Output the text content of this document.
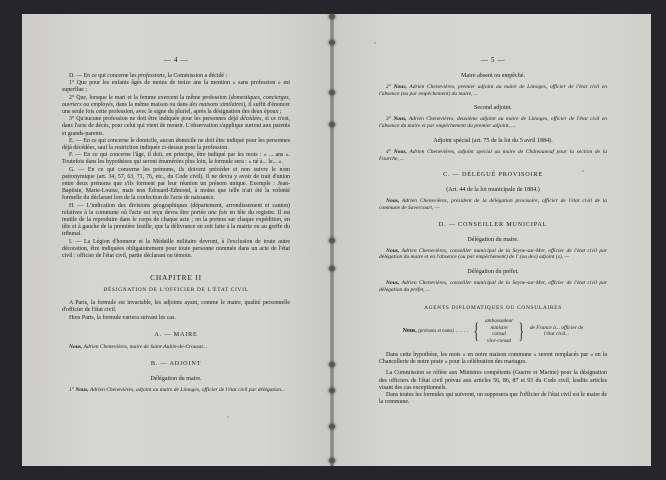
— 4 —

D. — En ce qui concerne les professions, la Commission a décidé :

1° Que pour les enfants âgés de moins de treize ans la mention « sans profession » est superflue ;

2° Que, lorsque le mari et la femme exercent la même profession (domestiques, concierges, ouvriers ou employés, dans la même maison ou dans des maisons similaires), il suffit d'énoncer une seule fois cette profession, avec le signe du pluriel, après la désignation des deux époux ;

3° Qu'aucune profession ne doit être indiquée pour les personnes déjà décédées, si ce n'est, dans l'acte de décès, pour celui qui vient de mourir. L'observation s'applique surtout aux parents et grands-parents.

E. — En ce qui concerne le domicile, aucun domicile ne doit être indiqué pour les personnes déjà décédées, sauf la restriction indiquée ci-dessus pour la profession.

F. — En ce qui concerne l'âge, il doit, en principe, être indiqué par les mots : « ... ans ». Toutefois dans les hypothèses qui seront énumérées plus loin, la formule sera : « né à... le... ».

G. — En ce qui concerne les prénoms, ils doivent précéder et non suivre le nom patronymique (art. 34, 57, 63, 71, 76, etc., du Code civil). Il ne devra y avoir de trait d'union entre deux prénoms que s'ils forment par leur réunion un prénom unique. Exemple : Jean-Baptiste, Marie-Louise, mais non Édouard-Edmond, à moins que telle n'ait été la volonté formelle du déclarant lors de la confection de l'acte de naissance.

H. — L'indication des divisions géographiques (département, arrondissement et canton) relatives à la commune où l'acte est reçu devra être portée une fois en tête du registre. Il est inutile de la reproduire dans le corps de chaque acte ; on la portera sur chaque expédition, en tête et à gauche de la première feuille, que la délivrance en soit faite à la mairie ou au greffe du tribunal.

I. — La Légion d'honneur et la Médaille militaire devront, à l'exclusion de toute autre décoration, être indiquées obligatoirement pour toute personne nommée dans un acte de l'état civil : officier de l'état civil, partie déclarant ou témoin.

CHAPITRE II
DÉSIGNATION DE L'OFFICIER DE L'ÉTAT CIVIL

A Paris, la formule est invariable, les adjoints ayant, comme le maire, qualité personnelle d'officier de l'état civil.

Hors Paris, la formule variera suivant les cas.

A. — MAIRE

Nous, Adrien Chenevières, maire de Saint-Aubin-de-Crousat...

B. — ADJOINT
Délégation du maire.

1° Nous, Adrien Chenevières, adjoint au maire de Limoges, officier de l'état civil par délégation...

— 5 —
Maire absent ou empêché.

2° Nous, Adrien Chenevières, premier adjoint au maire de Limoges, officier de l'état civil en l'absence (ou par empêchement) du maire, ...

Second adjoint.

3° Nous, Adrien Chenevières, deuxième adjoint au maire de Limoges, officier de l'état civil en l'absence du maire et par empêchement du premier adjoint, ...

Adjoint spécial (art. 75 de la loi du 5 avril 1884).

4° Nous, Adrien Chenevières, adjoint spécial au maire de Châteauneuf pour la section de la Fourche, ...

C. — DÉLÉGUÉ PROVISOIRE
(Art. 44 de la loi municipale de 1884.)

Nous, Adrien Chenevières, président de la délégation provisoire, officier de l'état civil de la commune de Savercourt, —

D. — CONSEILLER MUNICIPAL
Délégation du maire.

Nous, Adrien Chenevières, conseiller municipal de la Seyne-sur-Mer, officier de l'état civil par délégation du maire et en l'absence (ou par empêchement) de l' (ou des) adjoint (s), —

Délégation du préfet.

Nous, Adrien Chenevières, conseiller municipal de la Seyne-sur-Mer, officier de l'état civil par délégation du préfet, ...

AGENTS DIPLOMATIQUES OU CONSULAIRES
Nous, (prénoms et noms) . . . . . { ambassadeur
ministre
consul
vice-consul } de France à... officier de
l'état civil...

Dans cette hypothèse, les mots « en notre maison commune » seront remplacés par « en la Chancellerie de notre poste » pour la célébration des mariages.

La Commission se réfère aux Ministres compétents (Guerre et Marine) pour la désignation des officiers de l'état civil prévus aux articles 56, 86, 87 et 93 du Code civil, lesdits articles visant des cas exceptionnels.

Dans toutes les formules qui suivront, on supposera que l'officier de l'état civil est le maire de la commune.
